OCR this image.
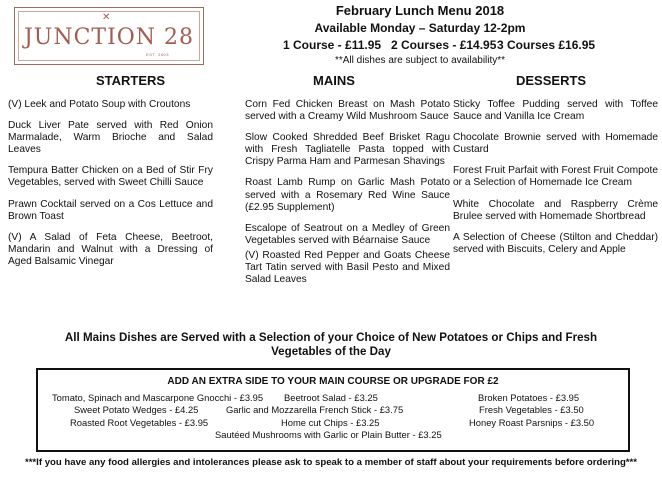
✕
JUNCTION 28
EST. 2003
February Lunch Menu 2018
Available Monday – Saturday 12-2pm
1 Course - £11.95 2 Courses - £14.95 3 Courses £16.95
**All dishes are subject to availability**
STARTERS	MAINS	DESSERTS

(V) Leek and Potato Soup with Croutons

Duck Liver Pate served with Red Onion Marmalade, Warm Brioche and Salad Leaves

Tempura Batter Chicken on a Bed of Stir Fry Vegetables, served with Sweet Chilli Sauce

Prawn Cocktail served on a Cos Lettuce and Brown Toast

(V) A Salad of Feta Cheese, Beetroot, Mandarin and Walnut with a Dressing of Aged Balsamic Vinegar

Corn Fed Chicken Breast on Mash Potato served with a Creamy Wild Mushroom Sauce

Slow Cooked Shredded Beef Brisket Ragu with Fresh Tagliatelle Pasta topped with Crispy Parma Ham and Parmesan Shavings

Roast Lamb Rump on Garlic Mash Potato served with a Rosemary Red Wine Sauce (£2.95 Supplement)

Escalope of Seatrout on a Medley of Green Vegetables served with Béarnaise Sauce

(V) Roasted Red Pepper and Goats Cheese Tart Tatin served with Basil Pesto and Mixed Salad Leaves

Sticky Toffee Pudding served with Toffee Sauce and Vanilla Ice Cream

Chocolate Brownie served with Homemade Custard

Forest Fruit Parfait with Forest Fruit Compote or a Selection of Homemade Ice Cream

White Chocolate and Raspberry Crème Brulee served with Homemade Shortbread

A Selection of Cheese (Stilton and Cheddar) served with Biscuits, Celery and Apple

All Mains Dishes are Served with a Selection of your Choice of New Potatoes or Chips and Fresh Vegetables of the Day
ADD AN EXTRA SIDE TO YOUR MAIN COURSE OR UPGRADE FOR £2
Tomato, Spinach and Mascarpone Gnocchi - £3.95 Beetroot Salad - £3.25	Broken Potatoes - £3.95
Sweet Potato Wedges - £4.25	Garlic and Mozzarella French Stick - £3.75	Fresh Vegetables - £3.50
Roasted Root Vegetables - £3.95	Home cut Chips - £3.25	Honey Roast Parsnips - £3.50
Sautéed Mushrooms with Garlic or Plain Butter - £3.25
***If you have any food allergies and intolerances please ask to speak to a member of staff about your requirements before ordering***
